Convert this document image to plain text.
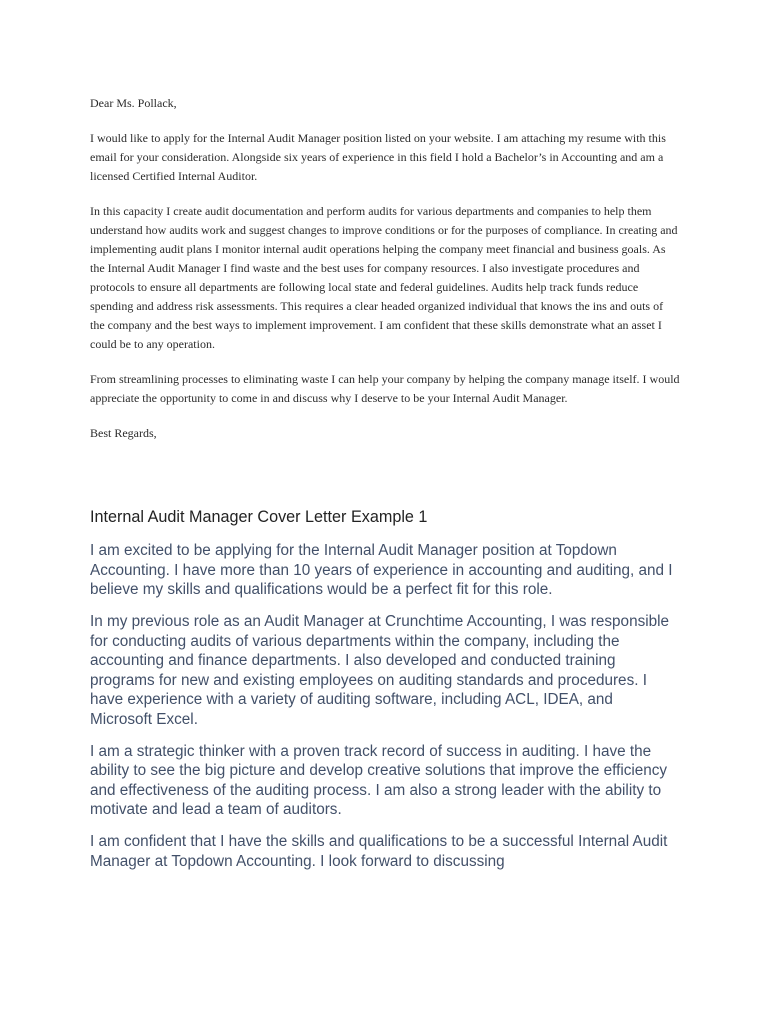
Dear Ms. Pollack,

I would like to apply for the Internal Audit Manager position listed on your website. I am attaching my resume with this email for your consideration. Alongside six years of experience in this field I hold a Bachelor’s in Accounting and am a licensed Certified Internal Auditor.

In this capacity I create audit documentation and perform audits for various departments and companies to help them understand how audits work and suggest changes to improve conditions or for the purposes of compliance. In creating and implementing audit plans I monitor internal audit operations helping the company meet financial and business goals. As the Internal Audit Manager I find waste and the best uses for company resources. I also investigate procedures and protocols to ensure all departments are following local state and federal guidelines. Audits help track funds reduce spending and address risk assessments. This requires a clear headed organized individual that knows the ins and outs of the company and the best ways to implement improvement. I am confident that these skills demonstrate what an asset I could be to any operation.

From streamlining processes to eliminating waste I can help your company by helping the company manage itself. I would appreciate the opportunity to come in and discuss why I deserve to be your Internal Audit Manager.

Best Regards,

Internal Audit Manager Cover Letter Example 1

I am excited to be applying for the Internal Audit Manager position at Topdown Accounting. I have more than 10 years of experience in accounting and auditing, and I believe my skills and qualifications would be a perfect fit for this role.

In my previous role as an Audit Manager at Crunchtime Accounting, I was responsible for conducting audits of various departments within the company, including the accounting and finance departments. I also developed and conducted training programs for new and existing employees on auditing standards and procedures. I have experience with a variety of auditing software, including ACL, IDEA, and Microsoft Excel.

I am a strategic thinker with a proven track record of success in auditing. I have the ability to see the big picture and develop creative solutions that improve the efficiency and effectiveness of the auditing process. I am also a strong leader with the ability to motivate and lead a team of auditors.

I am confident that I have the skills and qualifications to be a successful Internal Audit Manager at Topdown Accounting. I look forward to discussing
